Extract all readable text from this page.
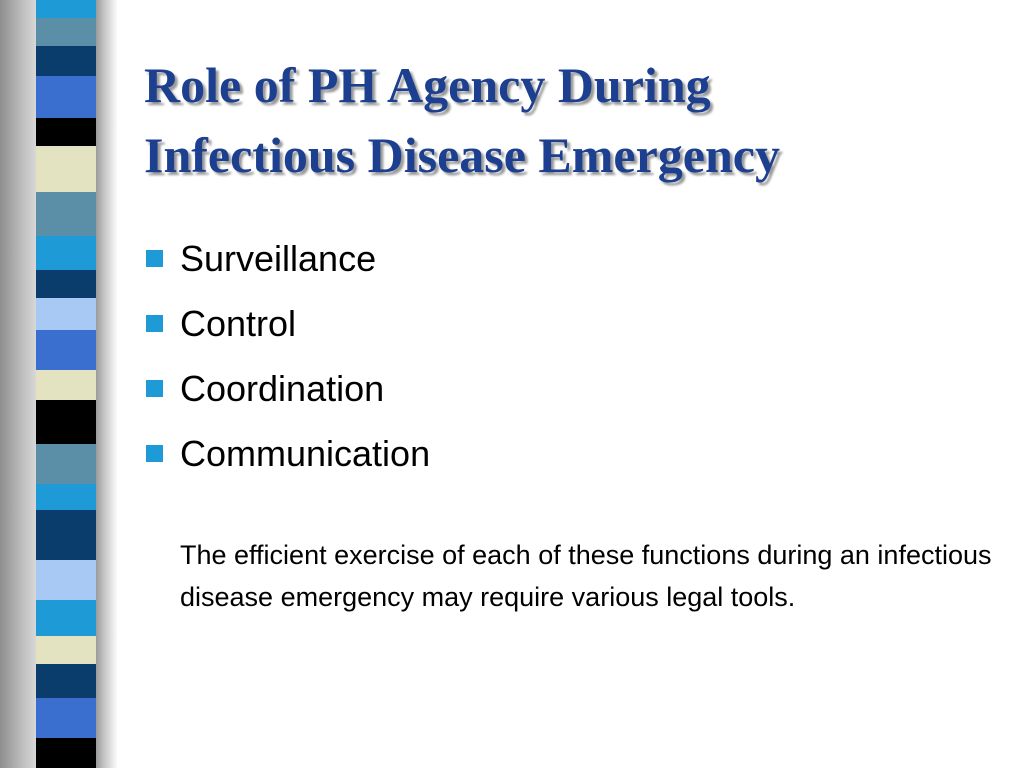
Role of PH Agency During
Infectious Disease Emergency
Surveillance
Control
Coordination
Communication

The efficient exercise of each of these functions during an infectious disease emergency may require various legal tools.
